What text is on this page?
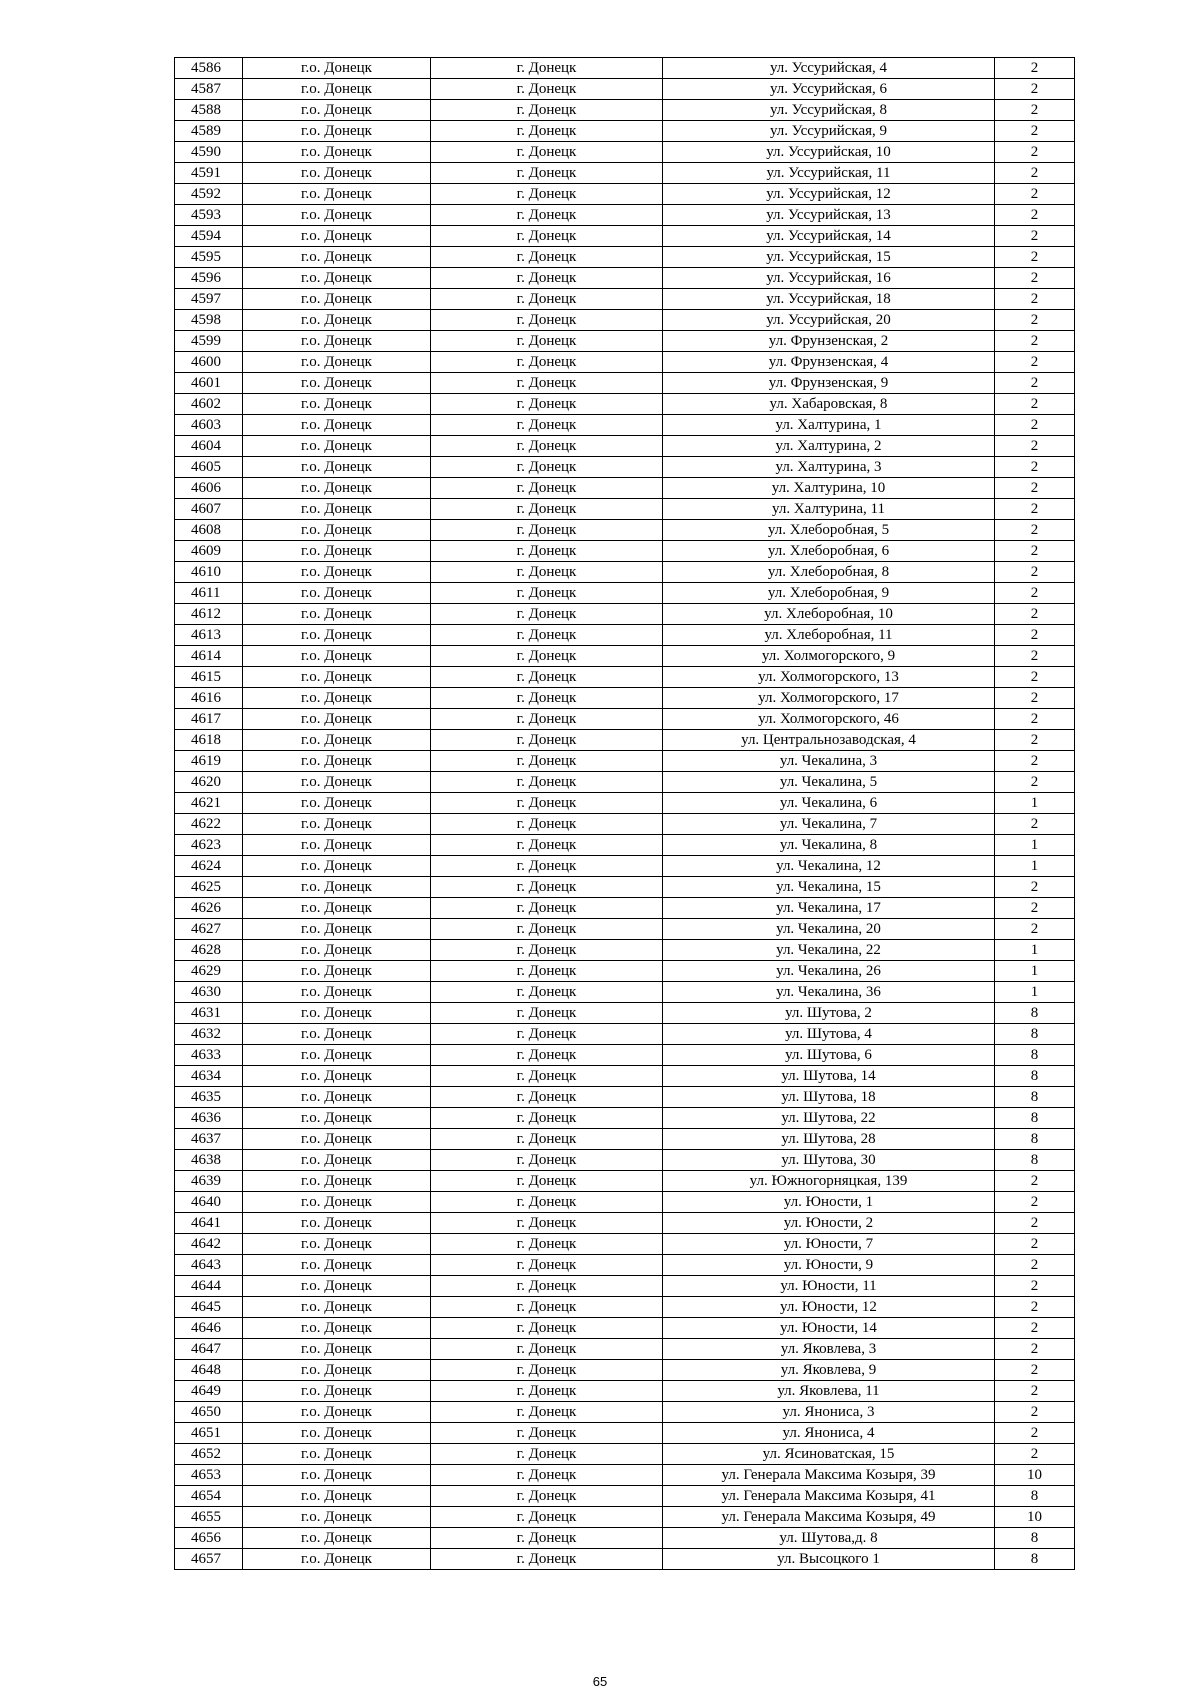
4586	г.о. Донецк	г. Донецк	ул. Уссурийская, 4	2
4587	г.о. Донецк	г. Донецк	ул. Уссурийская, 6	2
4588	г.о. Донецк	г. Донецк	ул. Уссурийская, 8	2
4589	г.о. Донецк	г. Донецк	ул. Уссурийская, 9	2
4590	г.о. Донецк	г. Донецк	ул. Уссурийская, 10	2
4591	г.о. Донецк	г. Донецк	ул. Уссурийская, 11	2
4592	г.о. Донецк	г. Донецк	ул. Уссурийская, 12	2
4593	г.о. Донецк	г. Донецк	ул. Уссурийская, 13	2
4594	г.о. Донецк	г. Донецк	ул. Уссурийская, 14	2
4595	г.о. Донецк	г. Донецк	ул. Уссурийская, 15	2
4596	г.о. Донецк	г. Донецк	ул. Уссурийская, 16	2
4597	г.о. Донецк	г. Донецк	ул. Уссурийская, 18	2
4598	г.о. Донецк	г. Донецк	ул. Уссурийская, 20	2
4599	г.о. Донецк	г. Донецк	ул. Фрунзенская, 2	2
4600	г.о. Донецк	г. Донецк	ул. Фрунзенская, 4	2
4601	г.о. Донецк	г. Донецк	ул. Фрунзенская, 9	2
4602	г.о. Донецк	г. Донецк	ул. Хабаровская, 8	2
4603	г.о. Донецк	г. Донецк	ул. Халтурина, 1	2
4604	г.о. Донецк	г. Донецк	ул. Халтурина, 2	2
4605	г.о. Донецк	г. Донецк	ул. Халтурина, 3	2
4606	г.о. Донецк	г. Донецк	ул. Халтурина, 10	2
4607	г.о. Донецк	г. Донецк	ул. Халтурина, 11	2
4608	г.о. Донецк	г. Донецк	ул. Хлеборобная, 5	2
4609	г.о. Донецк	г. Донецк	ул. Хлеборобная, 6	2
4610	г.о. Донецк	г. Донецк	ул. Хлеборобная, 8	2
4611	г.о. Донецк	г. Донецк	ул. Хлеборобная, 9	2
4612	г.о. Донецк	г. Донецк	ул. Хлеборобная, 10	2
4613	г.о. Донецк	г. Донецк	ул. Хлеборобная, 11	2
4614	г.о. Донецк	г. Донецк	ул. Холмогорского, 9	2
4615	г.о. Донецк	г. Донецк	ул. Холмогорского, 13	2
4616	г.о. Донецк	г. Донецк	ул. Холмогорского, 17	2
4617	г.о. Донецк	г. Донецк	ул. Холмогорского, 46	2
4618	г.о. Донецк	г. Донецк	ул. Центральнозаводская, 4	2
4619	г.о. Донецк	г. Донецк	ул. Чекалина, 3	2
4620	г.о. Донецк	г. Донецк	ул. Чекалина, 5	2
4621	г.о. Донецк	г. Донецк	ул. Чекалина, 6	1
4622	г.о. Донецк	г. Донецк	ул. Чекалина, 7	2
4623	г.о. Донецк	г. Донецк	ул. Чекалина, 8	1
4624	г.о. Донецк	г. Донецк	ул. Чекалина, 12	1
4625	г.о. Донецк	г. Донецк	ул. Чекалина, 15	2
4626	г.о. Донецк	г. Донецк	ул. Чекалина, 17	2
4627	г.о. Донецк	г. Донецк	ул. Чекалина, 20	2
4628	г.о. Донецк	г. Донецк	ул. Чекалина, 22	1
4629	г.о. Донецк	г. Донецк	ул. Чекалина, 26	1
4630	г.о. Донецк	г. Донецк	ул. Чекалина, 36	1
4631	г.о. Донецк	г. Донецк	ул. Шутова, 2	8
4632	г.о. Донецк	г. Донецк	ул. Шутова, 4	8
4633	г.о. Донецк	г. Донецк	ул. Шутова, 6	8
4634	г.о. Донецк	г. Донецк	ул. Шутова, 14	8
4635	г.о. Донецк	г. Донецк	ул. Шутова, 18	8
4636	г.о. Донецк	г. Донецк	ул. Шутова, 22	8
4637	г.о. Донецк	г. Донецк	ул. Шутова, 28	8
4638	г.о. Донецк	г. Донецк	ул. Шутова, 30	8
4639	г.о. Донецк	г. Донецк	ул. Южногорняцкая, 139	2
4640	г.о. Донецк	г. Донецк	ул. Юности, 1	2
4641	г.о. Донецк	г. Донецк	ул. Юности, 2	2
4642	г.о. Донецк	г. Донецк	ул. Юности, 7	2
4643	г.о. Донецк	г. Донецк	ул. Юности, 9	2
4644	г.о. Донецк	г. Донецк	ул. Юности, 11	2
4645	г.о. Донецк	г. Донецк	ул. Юности, 12	2
4646	г.о. Донецк	г. Донецк	ул. Юности, 14	2
4647	г.о. Донецк	г. Донецк	ул. Яковлева, 3	2
4648	г.о. Донецк	г. Донецк	ул. Яковлева, 9	2
4649	г.о. Донецк	г. Донецк	ул. Яковлева, 11	2
4650	г.о. Донецк	г. Донецк	ул. Янониса, 3	2
4651	г.о. Донецк	г. Донецк	ул. Янониса, 4	2
4652	г.о. Донецк	г. Донецк	ул. Ясиноватская, 15	2
4653	г.о. Донецк	г. Донецк	ул. Генерала Максима Козыря, 39	10
4654	г.о. Донецк	г. Донецк	ул. Генерала Максима Козыря, 41	8
4655	г.о. Донецк	г. Донецк	ул. Генерала Максима Козыря, 49	10
4656	г.о. Донецк	г. Донецк	ул. Шутова,д. 8	8
4657	г.о. Донецк	г. Донецк	ул. Высоцкого 1	8
65
